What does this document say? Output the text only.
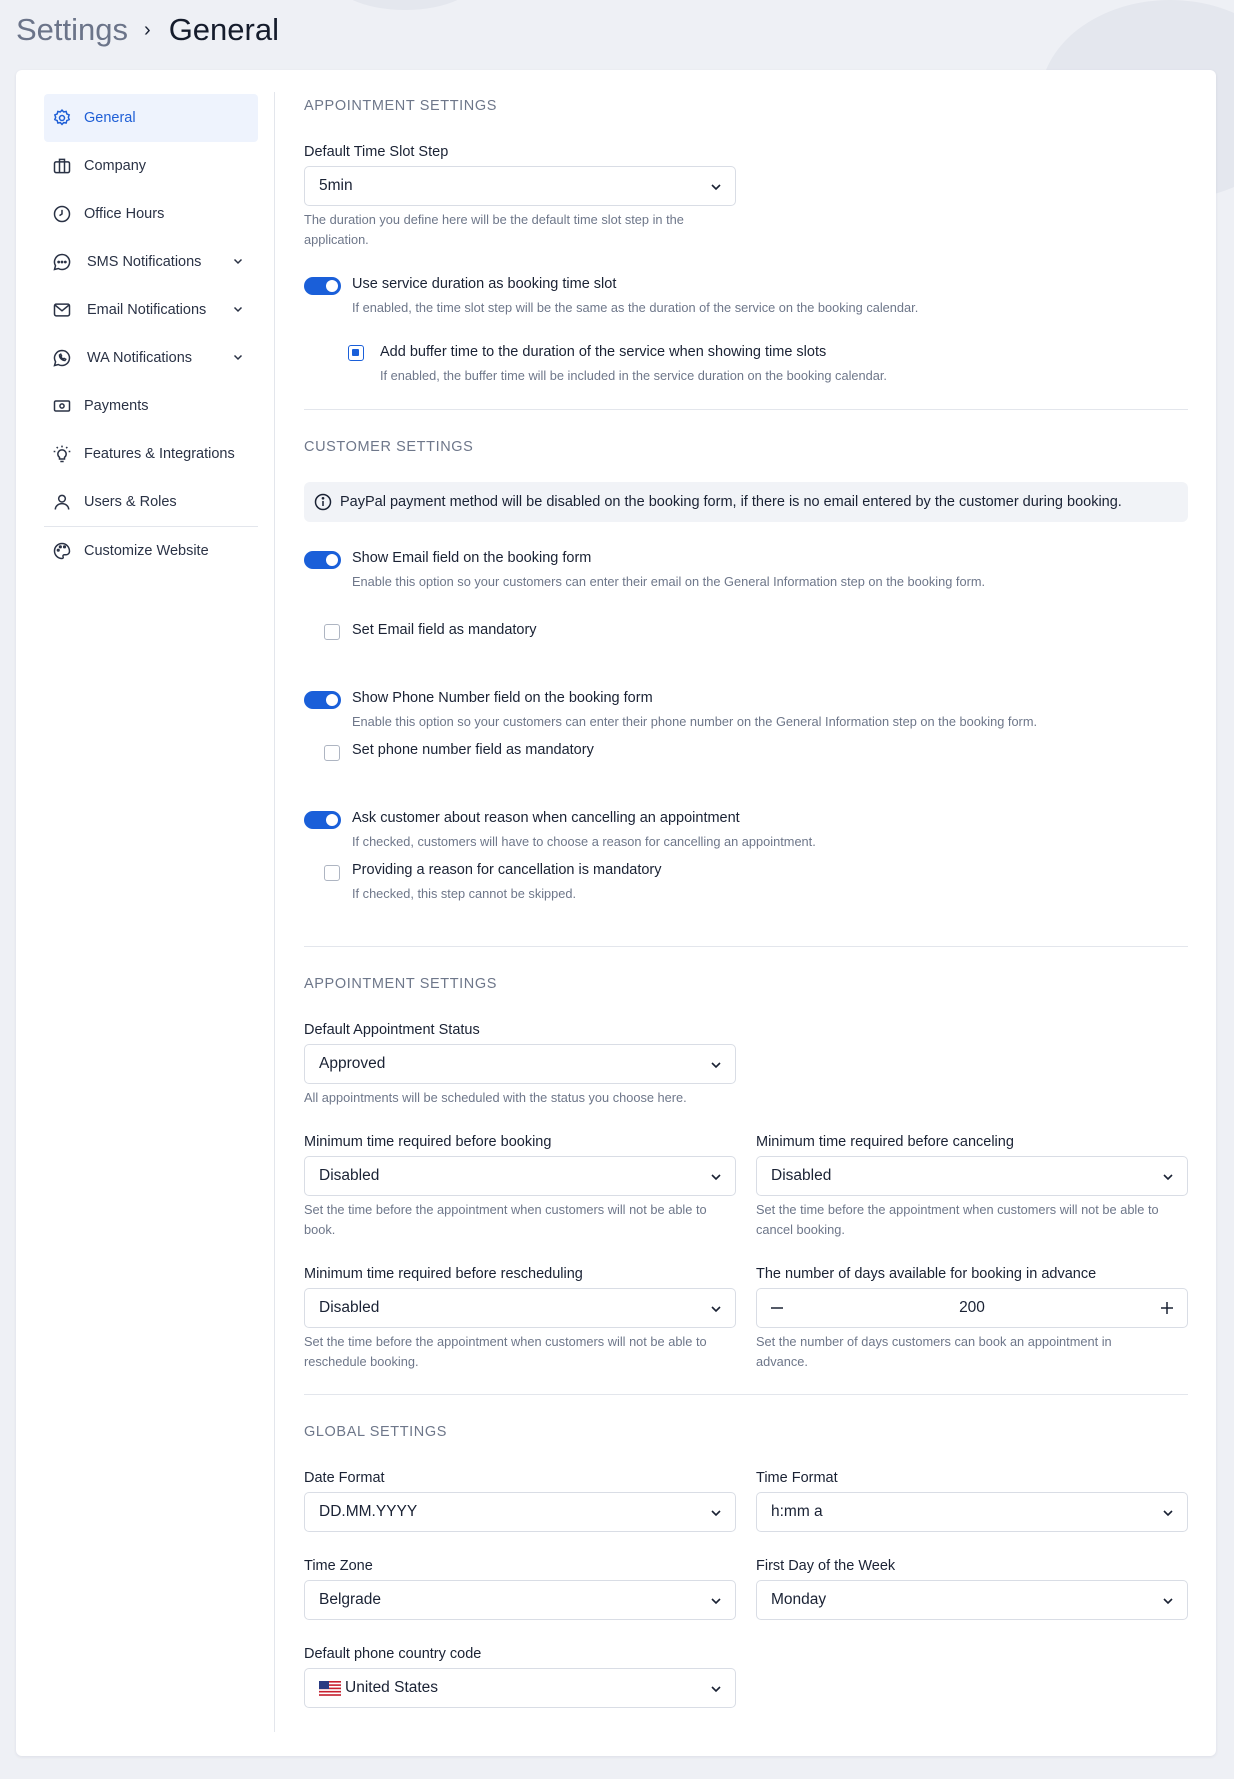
Settings › General
General
Company
Office Hours
SMS Notifications
Email Notifications
WA Notifications
Payments
Features & Integrations
Users & Roles
Customize Website
APPOINTMENT SETTINGS
Default Time Slot Step
5min
The duration you define here will be the default time slot step in the application.
Use service duration as booking time slot
If enabled, the time slot step will be the same as the duration of the service on the booking calendar.
Add buffer time to the duration of the service when showing time slots
If enabled, the buffer time will be included in the service duration on the booking calendar.
CUSTOMER SETTINGS
PayPal payment method will be disabled on the booking form, if there is no email entered by the customer during booking.
Show Email field on the booking form
Enable this option so your customers can enter their email on the General Information step on the booking form.
Set Email field as mandatory
Show Phone Number field on the booking form
Enable this option so your customers can enter their phone number on the General Information step on the booking form.
Set phone number field as mandatory
Ask customer about reason when cancelling an appointment
If checked, customers will have to choose a reason for cancelling an appointment.
Providing a reason for cancellation is mandatory
If checked, this step cannot be skipped.
APPOINTMENT SETTINGS
Default Appointment Status
Approved
All appointments will be scheduled with the status you choose here.
Minimum time required before booking
Disabled
Set the time before the appointment when customers will not be able to book.
Minimum time required before canceling
Disabled
Set the time before the appointment when customers will not be able to cancel booking.
Minimum time required before rescheduling
Disabled
Set the time before the appointment when customers will not be able to reschedule booking.
The number of days available for booking in advance
200
Set the number of days customers can book an appointment in advance.
GLOBAL SETTINGS
Date Format
DD.MM.YYYY
Time Format
h:mm a
Time Zone
Belgrade
First Day of the Week
Monday
Default phone country code
United States
